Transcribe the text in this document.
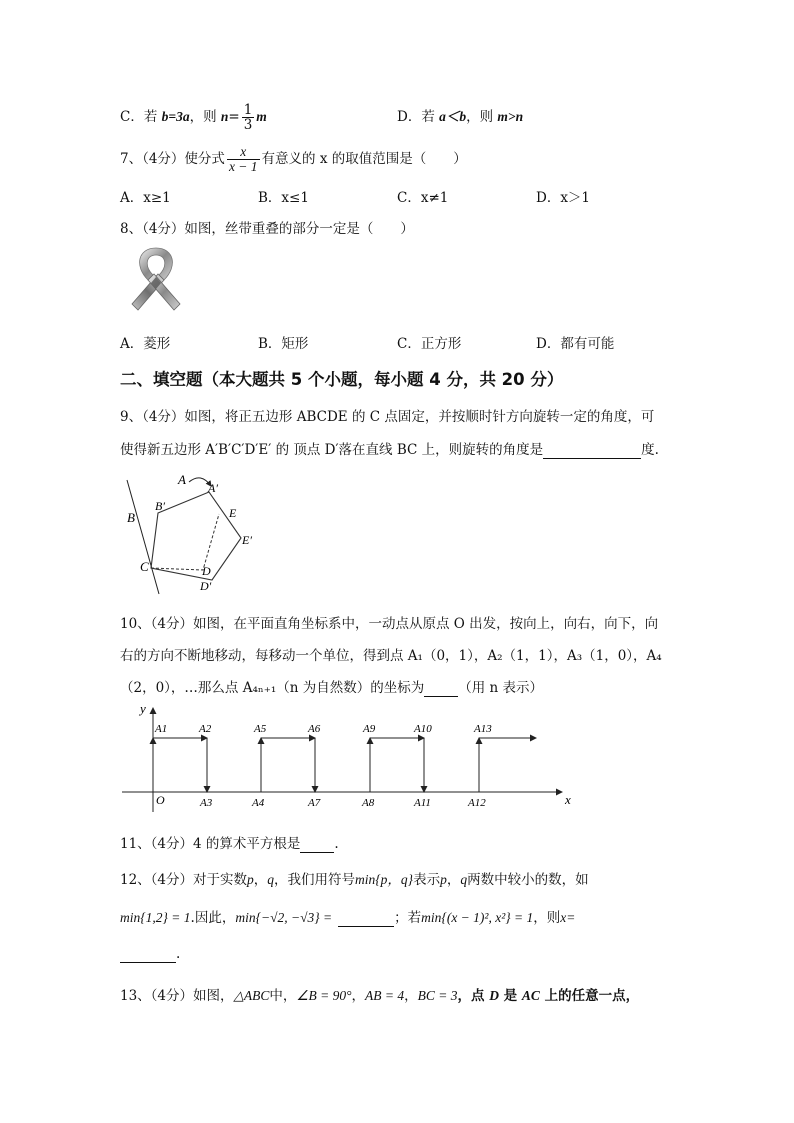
C．若 b=3a，则 $n= \frac{1}{3}$ m	D．若 a＜b，则 m>n
7、（4分）使分式 $\frac{x}{x - 1}$ 有意义的 x 的取值范围是（　　）
A．x≥1	B．x≤1	C．x≠1	D．x＞1
8、（4分）如图，丝带重叠的部分一定是（　　）
A．菱形	B．矩形	C．正方形	D．都有可能
二、填空题（本大题共 5 个小题，每小题 4 分，共 20 分）
9、（4分）如图，将正五边形 ABCDE 的 C 点固定，并按顺时针方向旋转一定的角度，可
使得新五边形 A′B′C′D′E′ 的 顶点 D′落在直线 BC 上，则旋转的角度是	度.
A
A′
B
B′
C	D
D′
E
E′
10、（4分）如图，在平面直角坐标系中，一动点从原点 O 出发，按向上，向右，向下，向
右的方向不断地移动，每移动一个单位，得到点 A₁（0，1），A₂（1，1），A₃（1，0），A₄
（2，0），…那么点 A₄ₙ₊₁（n 为自然数）的坐标为	（用 n 表示）
y
x
O
A1	A2	A5	A6	A9	A10	A13
A3	A4	A7	A8	A11	A12
11、（4分）4 的算术平方根是	.
12、（4分）对于实数p，q，我们用符号min{p，q}表示p，q两数中较小的数，如
min{1,2} = 1.因此，min{−√2, −√3} =	；若min{(x − 1)², x²} = 1，则x=
.
13、（4分）如图，△ABC中，∠B = 90°，AB = 4，BC = 3，点 D 是 AC 上的任意一点，
